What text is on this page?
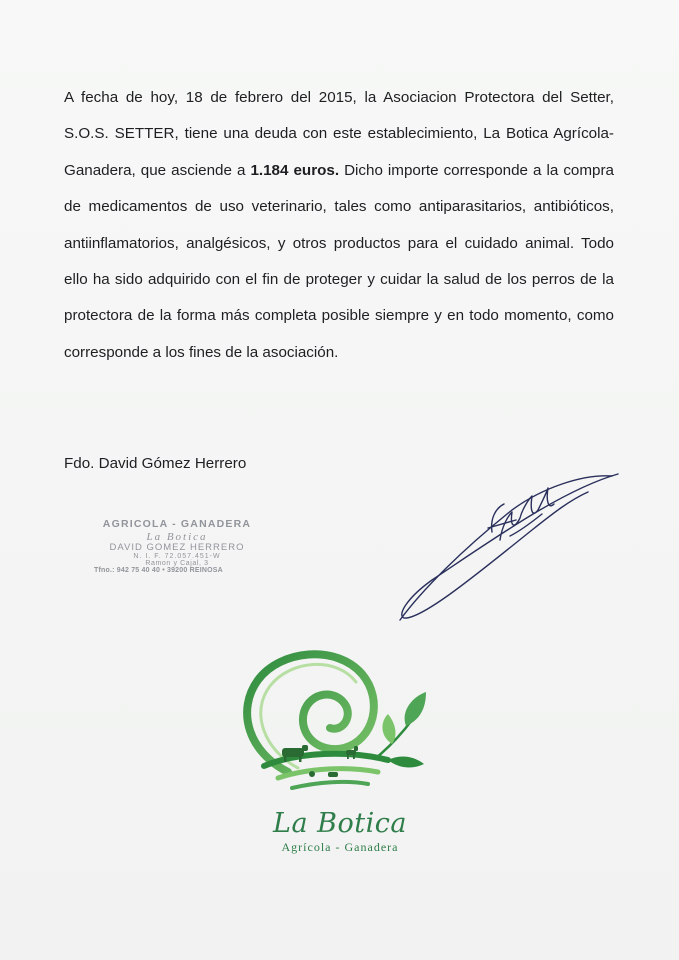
A fecha de hoy, 18 de febrero del 2015, la Asociacion Protectora del Setter, S.O.S. SETTER, tiene una deuda con este establecimiento, La Botica Agrícola-Ganadera, que asciende a 1.184 euros. Dicho importe corresponde a la compra de medicamentos de uso veterinario, tales como antiparasitarios, antibióticos, antiinflamatorios, analgésicos, y otros productos para el cuidado animal. Todo ello ha sido adquirido con el fin de proteger y cuidar la salud de los perros de la protectora de la forma más completa posible siempre y en todo momento, como corresponde a los fines de la asociación.

Fdo. David Gómez Herrero
AGRICOLA - GANADERA
La Botica
DAVID GOMEZ HERRERO
N. I. F. 72.057.451-W
Ramon y Cajal, 3
Tfno.: 942 75 40 40 • 39200 REINOSA
La Botica
Agrícola - Ganadera
